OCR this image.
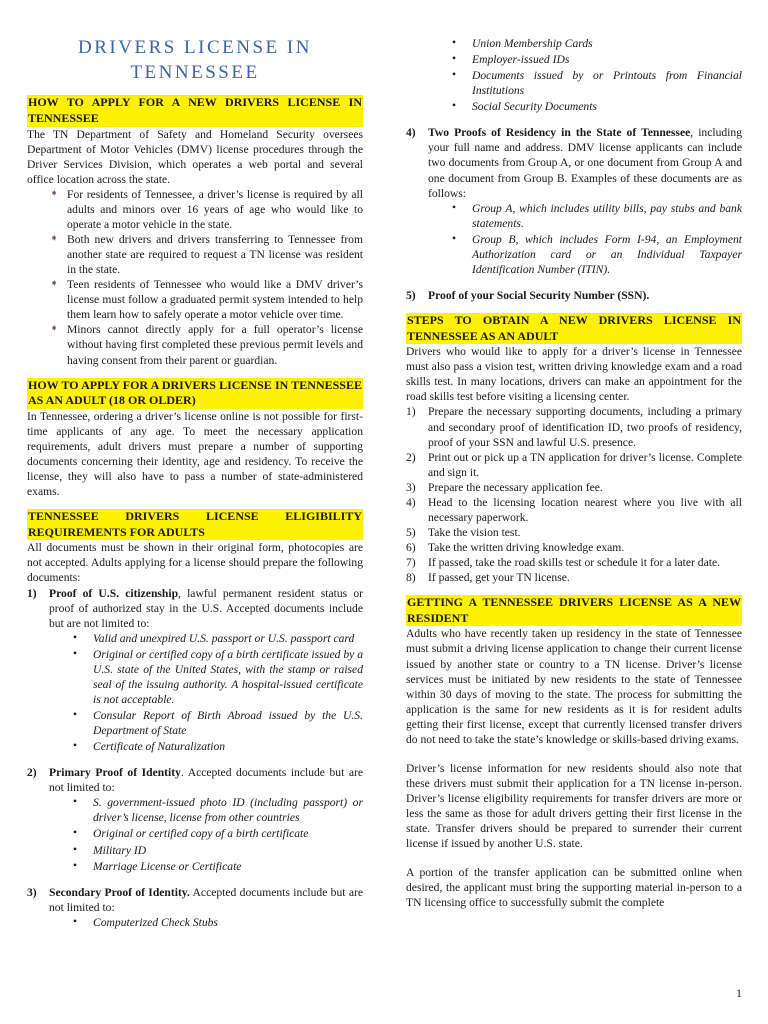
DRIVERS LICENSE IN
TENNESSEE
HOW TO APPLY FOR A NEW DRIVERS LICENSE IN TENNESSEE

The TN Department of Safety and Homeland Security oversees Department of Motor Vehicles (DMV) license procedures through the Driver Services Division, which operates a web portal and several office location across the state.

➧ For residents of Tennessee, a driver’s license is required by all adults and minors over 16 years of age who would like to operate a motor vehicle in the state.
➧ Both new drivers and drivers transferring to Tennessee from another state are required to request a TN license was resident in the state.
➧ Teen residents of Tennessee who would like a DMV driver’s license must follow a graduated permit system intended to help them learn how to safely operate a motor vehicle over time.
➧ Minors cannot directly apply for a full operator’s license without having first completed these previous permit levels and having consent from their parent or guardian.
HOW TO APPLY FOR A DRIVERS LICENSE IN TENNESSEE AS AN ADULT (18 OR OLDER)

In Tennessee, ordering a driver’s license online is not possible for first-time applicants of any age. To meet the necessary application requirements, adult drivers must prepare a number of supporting documents concerning their identity, age and residency. To receive the license, they will also have to pass a number of state-administered exams.

TENNESSEE DRIVERS LICENSE ELIGIBILITY REQUIREMENTS FOR ADULTS

All documents must be shown in their original form, photocopies are not accepted. Adults applying for a license should prepare the following documents:

1)	Proof of U.S. citizenship, lawful permanent resident status or proof of authorized stay in the U.S. Accepted documents include but are not limited to:
• Valid and unexpired U.S. passport or U.S. passport card
• Original or certified copy of a birth certificate issued by a U.S. state of the United States, with the stamp or raised seal of the issuing authority. A hospital-issued certificate is not acceptable.
• Consular Report of Birth Abroad issued by the U.S. Department of State
• Certificate of Naturalization
2)	Primary Proof of Identity. Accepted documents include but are not limited to:
• S. government-issued photo ID (including passport) or driver’s license, license from other countries
• Original or certified copy of a birth certificate
• Military ID
• Marriage License or Certificate
3)	Secondary Proof of Identity. Accepted documents include but are not limited to:
• Computerized Check Stubs
• Union Membership Cards
• Employer-issued IDs
• Documents issued by or Printouts from Financial Institutions
• Social Security Documents
4)	Two Proofs of Residency in the State of Tennessee, including your full name and address. DMV license applicants can include two documents from Group A, or one document from Group A and one document from Group B. Examples of these documents are as follows:
• Group A, which includes utility bills, pay stubs and bank statements.
• Group B, which includes Form I-94, an Employment Authorization card or an Individual Taxpayer Identification Number (ITIN).
5)	Proof of your Social Security Number (SSN).
STEPS TO OBTAIN A NEW DRIVERS LICENSE IN TENNESSEE AS AN ADULT

Drivers who would like to apply for a driver’s license in Tennessee must also pass a vision test, written driving knowledge exam and a road skills test. In many locations, drivers can make an appointment for the road skills test before visiting a licensing center.

1)	Prepare the necessary supporting documents, including a primary and secondary proof of identification ID, two proofs of residency, proof of your SSN and lawful U.S. presence.
2)	Print out or pick up a TN application for driver’s license. Complete and sign it.
3)	Prepare the necessary application fee.
4)	Head to the licensing location nearest where you live with all necessary paperwork.
5)	Take the vision test.
6)	Take the written driving knowledge exam.
7)	If passed, take the road skills test or schedule it for a later date.
8)	If passed, get your TN license.
GETTING A TENNESSEE DRIVERS LICENSE AS A NEW RESIDENT

Adults who have recently taken up residency in the state of Tennessee must submit a driving license application to change their current license issued by another state or country to a TN license. Driver’s license services must be initiated by new residents to the state of Tennessee within 30 days of moving to the state. The process for submitting the application is the same for new residents as it is for resident adults getting their first license, except that currently licensed transfer drivers do not need to take the state’s knowledge or skills-based driving exams.

Driver’s license information for new residents should also note that these drivers must submit their application for a TN license in-person. Driver’s license eligibility requirements for transfer drivers are more or less the same as those for adult drivers getting their first license in the state. Transfer drivers should be prepared to surrender their current license if issued by another U.S. state.

A portion of the transfer application can be submitted online when desired, the applicant must bring the supporting material in-person to a TN licensing office to successfully submit the complete

1
